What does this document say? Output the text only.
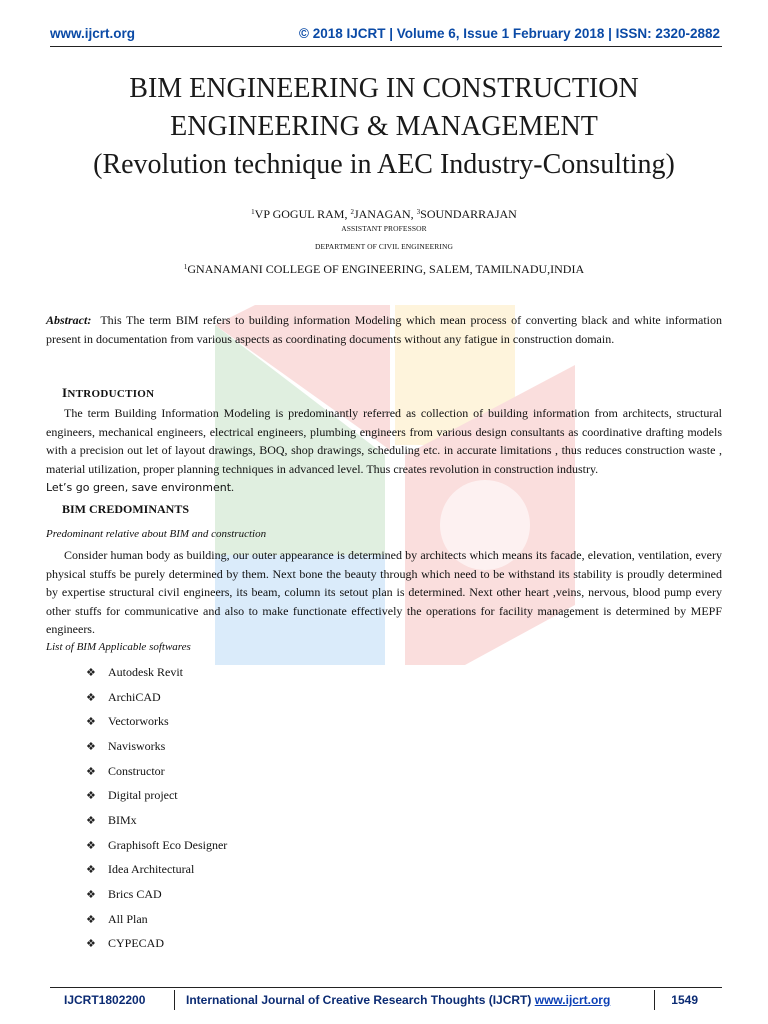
www.ijcrt.org	© 2018 IJCRT | Volume 6, Issue 1 February 2018 | ISSN: 2320-2882
BIM ENGINEERING IN CONSTRUCTION
ENGINEERING & MANAGEMENT
(Revolution technique in AEC Industry-Consulting)
$^1$VP GOGUL RAM, $^2$JANAGAN, $^3$SOUNDARRAJAN
ASSISTANT PROFESSOR
DEPARTMENT OF CIVIL ENGINEERING
$^1$GNANAMANI COLLEGE OF ENGINEERING, SALEM, TAMILNADU,INDIA
Abstract: This The term BIM refers to building information Modeling which mean process of converting black and white information present in documentation from various aspects as coordinating documents without any fatigue in construction domain.
INTRODUCTION
The term Building Information Modeling is predominantly referred as collection of building information from architects, structural engineers, mechanical engineers, electrical engineers, plumbing engineers from various design consultants as coordinative drafting models with a precision out let of layout drawings, BOQ, shop drawings, scheduling etc. in accurate limitations , thus reduces construction waste , material utilization, proper planning techniques in advanced level. Thus creates revolution in construction industry.
Let’s go green, save environment.
BIM CREDOMINANTS
Predominant relative about BIM and construction
Consider human body as building, our outer appearance is determined by architects which means its facade, elevation, ventilation, every physical stuffs be purely determined by them. Next bone the beauty through which need to be withstand its stability is proudly determined by expertise structural civil engineers, its beam, column its setout plan is determined. Next other heart ,veins, nervous, blood pump every other stuffs for communicative and also to make functionate effectively the operations for facility management is determined by MEPF engineers.
List of BIM Applicable softwares
❖	Autodesk Revit
❖	ArchiCAD
❖	Vectorworks
❖	Navisworks
❖	Constructor
❖	Digital project
❖	BIMx
❖	Graphisoft Eco Designer
❖	Idea Architectural
❖	Brics CAD
❖	All Plan
❖	CYPECAD
IJCRT1802200	International Journal of Creative Research Thoughts (IJCRT) www.ijcrt.org	1549
